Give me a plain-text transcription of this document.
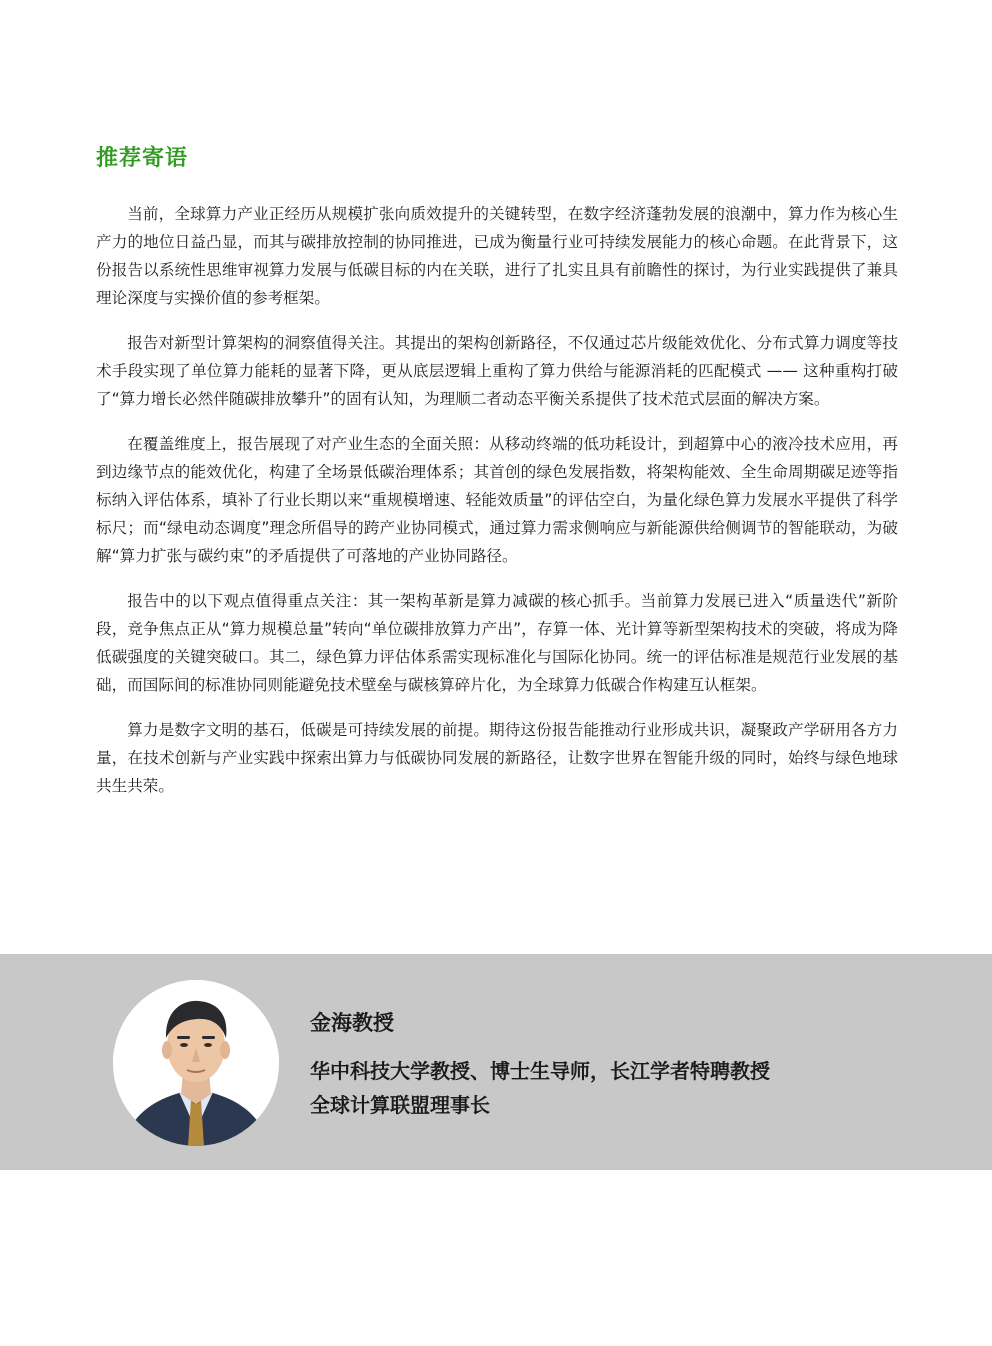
推荐寄语

当前，全球算力产业正经历从规模扩张向质效提升的关键转型，在数字经济蓬勃发展的浪潮中，算力作为核心生产力的地位日益凸显，而其与碳排放控制的协同推进，已成为衡量行业可持续发展能力的核心命题。在此背景下，这份报告以系统性思维审视算力发展与低碳目标的内在关联，进行了扎实且具有前瞻性的探讨，为行业实践提供了兼具理论深度与实操价值的参考框架。

报告对新型计算架构的洞察值得关注。其提出的架构创新路径，不仅通过芯片级能效优化、分布式算力调度等技术手段实现了单位算力能耗的显著下降，更从底层逻辑上重构了算力供给与能源消耗的匹配模式 —— 这种重构打破了“算力增长必然伴随碳排放攀升”的固有认知，为理顺二者动态平衡关系提供了技术范式层面的解决方案。

在覆盖维度上，报告展现了对产业生态的全面关照：从移动终端的低功耗设计，到超算中心的液冷技术应用，再到边缘节点的能效优化，构建了全场景低碳治理体系；其首创的绿色发展指数，将架构能效、全生命周期碳足迹等指标纳入评估体系，填补了行业长期以来“重规模增速、轻能效质量”的评估空白，为量化绿色算力发展水平提供了科学标尺；而“绿电动态调度”理念所倡导的跨产业协同模式，通过算力需求侧响应与新能源供给侧调节的智能联动，为破解“算力扩张与碳约束”的矛盾提供了可落地的产业协同路径。

报告中的以下观点值得重点关注：其一架构革新是算力减碳的核心抓手。当前算力发展已进入“质量迭代”新阶段，竞争焦点正从“算力规模总量”转向“单位碳排放算力产出”，存算一体、光计算等新型架构技术的突破，将成为降低碳强度的关键突破口。其二，绿色算力评估体系需实现标准化与国际化协同。统一的评估标准是规范行业发展的基础，而国际间的标准协同则能避免技术壁垒与碳核算碎片化，为全球算力低碳合作构建互认框架。

算力是数字文明的基石，低碳是可持续发展的前提。期待这份报告能推动行业形成共识，凝聚政产学研用各方力量，在技术创新与产业实践中探索出算力与低碳协同发展的新路径，让数字世界在智能升级的同时，始终与绿色地球共生共荣。

金海教授

华中科技大学教授、博士生导师，长江学者特聘教授

全球计算联盟理事长
